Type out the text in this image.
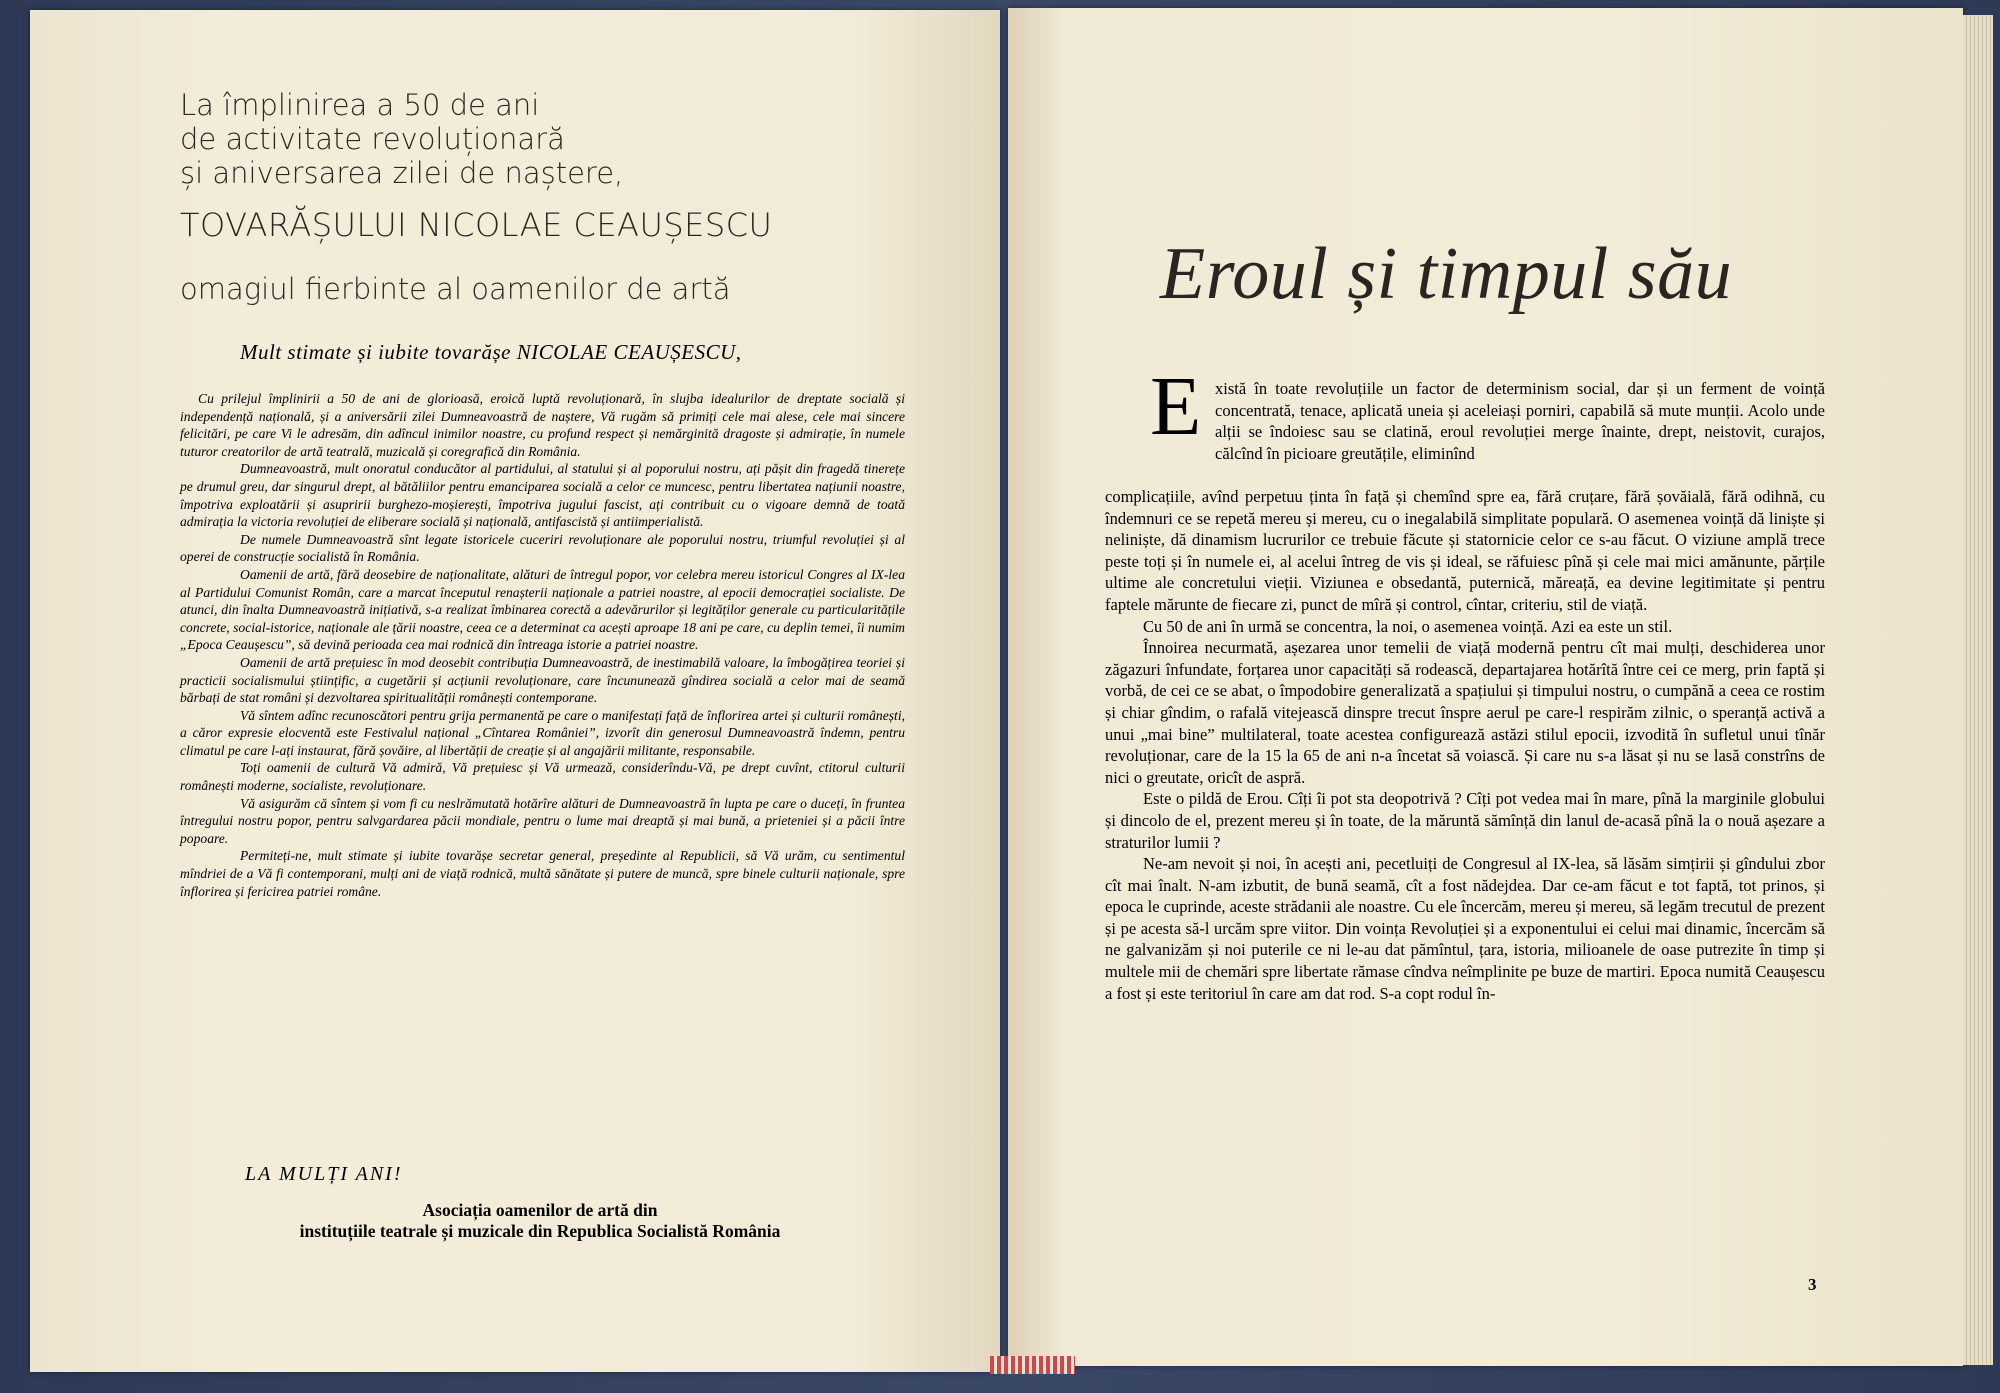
La împlinirea a 50 de ani
de activitate revoluționară
și aniversarea zilei de naștere,
TOVARĂȘULUI NICOLAE CEAUȘESCU
omagiul fierbinte al oamenilor de artă
Mult stimate și iubite tovarășe NICOLAE CEAUȘESCU,

Cu prilejul împlinirii a 50 de ani de glorioasă, eroică luptă revoluționară, în slujba idealurilor de dreptate socială și independență națională, și a aniversării zilei Dumneavoastră de naștere, Vă rugăm să primiți cele mai alese, cele mai sincere felicitări, pe care Vi le adresăm, din adîncul inimilor noastre, cu profund respect și nemărginită dragoste și admirație, în numele tuturor creatorilor de artă teatrală, muzicală și coregrafică din România.

Dumneavoastră, mult onoratul conducător al partidului, al statului și al poporului nostru, ați pășit din fragedă tinerețe pe drumul greu, dar singurul drept, al bătăliilor pentru emanciparea socială a celor ce muncesc, pentru libertatea națiunii noastre, împotriva exploatării și asupririi burghezo-moșierești, împotriva jugului fascist, ați contribuit cu o vigoare demnă de toată admirația la victoria revoluției de eliberare socială și națională, antifascistă și antiimperialistă.

De numele Dumneavoastră sînt legate istoricele cuceriri revoluționare ale poporului nostru, triumful revoluției și al operei de construcție socialistă în România.

Oamenii de artă, fără deosebire de naționalitate, alături de întregul popor, vor celebra mereu istoricul Congres al IX-lea al Partidului Comunist Român, care a marcat începutul renașterii naționale a patriei noastre, al epocii democrației socialiste. De atunci, din înalta Dumneavoastră inițiativă, s-a realizat îmbinarea corectă a adevărurilor și legităților generale cu particularitățile concrete, social-istorice, naționale ale țării noastre, ceea ce a determinat ca acești aproape 18 ani pe care, cu deplin temei, îi numim „Epoca Ceaușescu”, să devină perioada cea mai rodnică din întreaga istorie a patriei noastre.

Oamenii de artă prețuiesc în mod deosebit contribuția Dumneavoastră, de inestimabilă valoare, la îmbogățirea teoriei și practicii socialismului științific, a cugetării și acțiunii revoluționare, care încununează gîndirea socială a celor mai de seamă bărbați de stat români și dezvoltarea spiritualității românești contemporane.

Vă sîntem adînc recunoscători pentru grija permanentă pe care o manifestați față de înflorirea artei și culturii românești, a căror expresie elocventă este Festivalul național „Cîntarea României”, izvorît din generosul Dumneavoastră îndemn, pentru climatul pe care l-ați instaurat, fără șovăire, al libertății de creație și al angajării militante, responsabile.

Toți oamenii de cultură Vă admiră, Vă prețuiesc și Vă urmează, considerîndu-Vă, pe drept cuvînt, ctitorul culturii românești moderne, socialiste, revoluționare.

Vă asigurăm că sîntem și vom fi cu neslrămutată hotărîre alături de Dumneavoastră în lupta pe care o duceți, în fruntea întregului nostru popor, pentru salvgardarea păcii mondiale, pentru o lume mai dreaptă și mai bună, a prieteniei și a păcii între popoare.

Permiteți-ne, mult stimate și iubite tovarășe secretar general, președinte al Republicii, să Vă urăm, cu sentimentul mîndriei de a Vă fi contemporani, mulți ani de viață rodnică, multă sănătate și putere de muncă, spre binele culturii naționale, spre înflorirea și fericirea patriei române.

LA MULȚI ANI!
Asociația oamenilor de artă din
instituțiile teatrale și muzicale din Republica Socialistă România
Eroul și timpul său
E xistă în toate revoluțiile un factor de determinism social, dar și un ferment de voință concentrată, tenace, aplicată uneia și aceleiași porniri, capabilă să mute munții. Acolo unde alții se îndoiesc sau se clatină, eroul revoluției merge înainte, drept, neistovit, curajos, călcînd în picioare greutățile, eliminînd

complicațiile, avînd perpetuu ținta în față și chemînd spre ea, fără cruțare, fără șovăială, fără odihnă, cu îndemnuri ce se repetă mereu și mereu, cu o inegalabilă simplitate populară. O asemenea voință dă liniște și neliniște, dă dinamism lucrurilor ce trebuie făcute și statornicie celor ce s-au făcut. O viziune amplă trece peste toți și în numele ei, al acelui întreg de vis și ideal, se răfuiesc pînă și cele mai mici amănunte, părțile ultime ale concretului vieții. Viziunea e obsedantă, puternică, măreață, ea devine legitimitate și pentru faptele mărunte de fiecare zi, punct de mîră și control, cîntar, criteriu, stil de viață.

Cu 50 de ani în urmă se concentra, la noi, o asemenea voință. Azi ea este un stil.

Înnoirea necurmată, așezarea unor temelii de viață modernă pentru cît mai mulți, deschiderea unor zăgazuri înfundate, forțarea unor capacități să rodească, departajarea hotărîtă între cei ce merg, prin faptă și vorbă, de cei ce se abat, o împodobire generalizată a spațiului și timpului nostru, o cumpănă a ceea ce rostim și chiar gîndim, o rafală vitejească dinspre trecut înspre aerul pe care-l respirăm zilnic, o speranță activă a unui „mai bine” multilateral, toate acestea configurează astăzi stilul epocii, izvodită în sufletul unui tînăr revoluționar, care de la 15 la 65 de ani n-a încetat să voiască. Și care nu s-a lăsat și nu se lasă constrîns de nici o greutate, oricît de aspră.

Este o pildă de Erou. Cîți îi pot sta deopotrivă ? Cîți pot vedea mai în mare, pînă la marginile globului și dincolo de el, prezent mereu și în toate, de la măruntă sămînță din lanul de-acasă pînă la o nouă așezare a straturilor lumii ?

Ne-am nevoit și noi, în acești ani, pecetluiți de Congresul al IX-lea, să lăsăm simțirii și gîndului zbor cît mai înalt. N-am izbutit, de bună seamă, cît a fost nădejdea. Dar ce-am făcut e tot faptă, tot prinos, și epoca le cuprinde, aceste strădanii ale noastre. Cu ele încercăm, mereu și mereu, să legăm trecutul de prezent și pe acesta să-l urcăm spre viitor. Din voința Revoluției și a exponentului ei celui mai dinamic, încercăm să ne galvanizăm și noi puterile ce ni le-au dat pămîntul, țara, istoria, milioanele de oase putrezite în timp și multele mii de chemări spre libertate rămase cîndva neîmplinite pe buze de martiri. Epoca numită Ceaușescu a fost și este teritoriul în care am dat rod. S-a copt rodul în-

3
